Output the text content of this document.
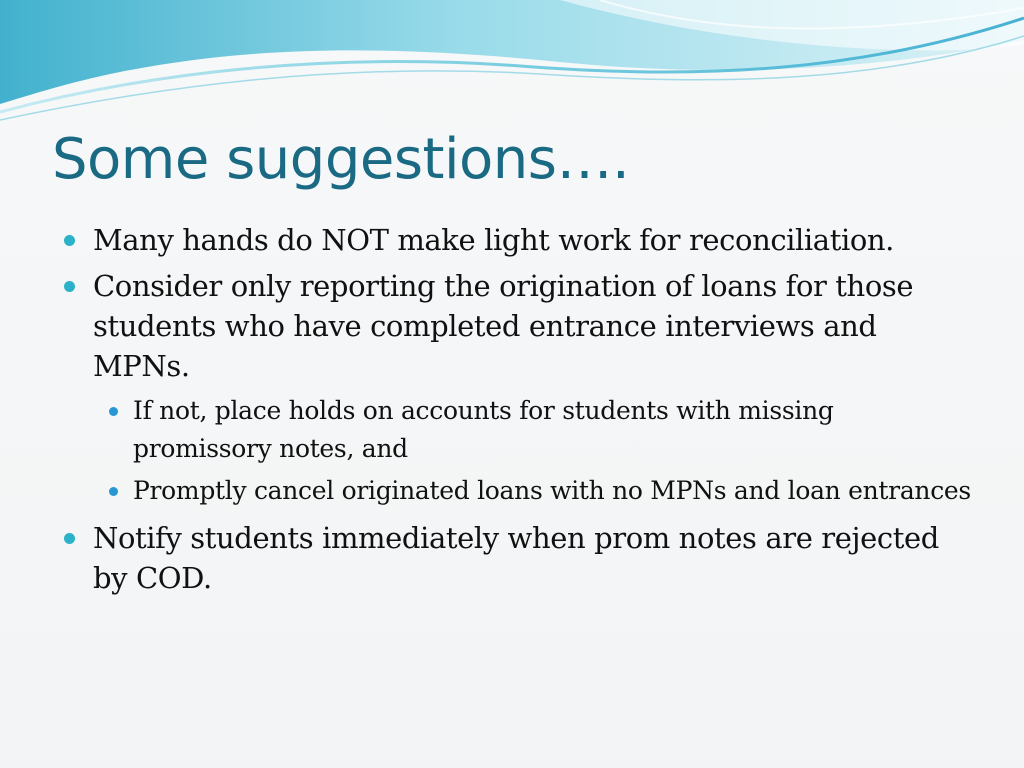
Some suggestions….
Many hands do NOT make light work for reconciliation.
Consider only reporting the origination of loans for those students who have completed entrance interviews and MPNs.
If not, place holds on accounts for students with missing promissory notes, and
Promptly cancel originated loans with no MPNs and loan entrances
Notify students immediately when prom notes are rejected by COD.
